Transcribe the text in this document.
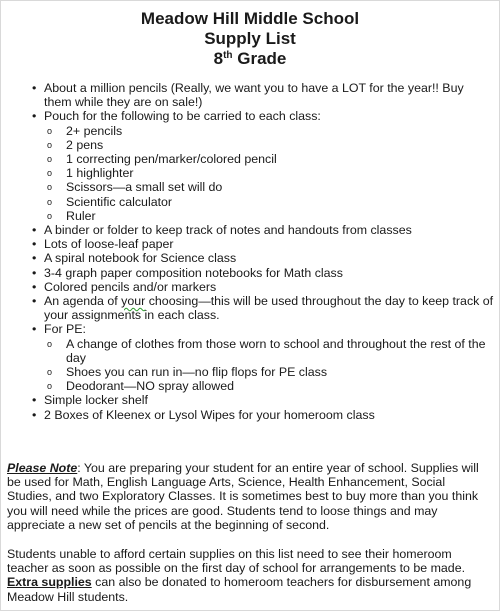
Meadow Hill Middle School
Supply List
8th Grade
• About a million pencils (Really, we want you to have a LOT for the year!! Buy them while they are on sale!)
• Pouch for the following to be carried to each class:
o 2+ pencils
o 2 pens
o 1 correcting pen/marker/colored pencil
o 1 highlighter
o Scissors—a small set will do
o Scientific calculator
o Ruler
• A binder or folder to keep track of notes and handouts from classes
• Lots of loose-leaf paper
• A spiral notebook for Science class
• 3-4 graph paper composition notebooks for Math class
• Colored pencils and/or markers
• An agenda of your choosing—this will be used throughout the day to keep track of your assignments in each class.
• For PE:
o A change of clothes from those worn to school and throughout the rest of the day
o Shoes you can run in—no flip flops for PE class
o Deodorant—NO spray allowed
• Simple locker shelf
• 2 Boxes of Kleenex or Lysol Wipes for your homeroom class

Please Note: You are preparing your student for an entire year of school. Supplies will be used for Math, English Language Arts, Science, Health Enhancement, Social Studies, and two Exploratory Classes. It is sometimes best to buy more than you think you will need while the prices are good. Students tend to loose things and may appreciate a new set of pencils at the beginning of second.

Students unable to afford certain supplies on this list need to see their homeroom teacher as soon as possible on the first day of school for arrangements to be made. Extra supplies can also be donated to homeroom teachers for disbursement among Meadow Hill students.
